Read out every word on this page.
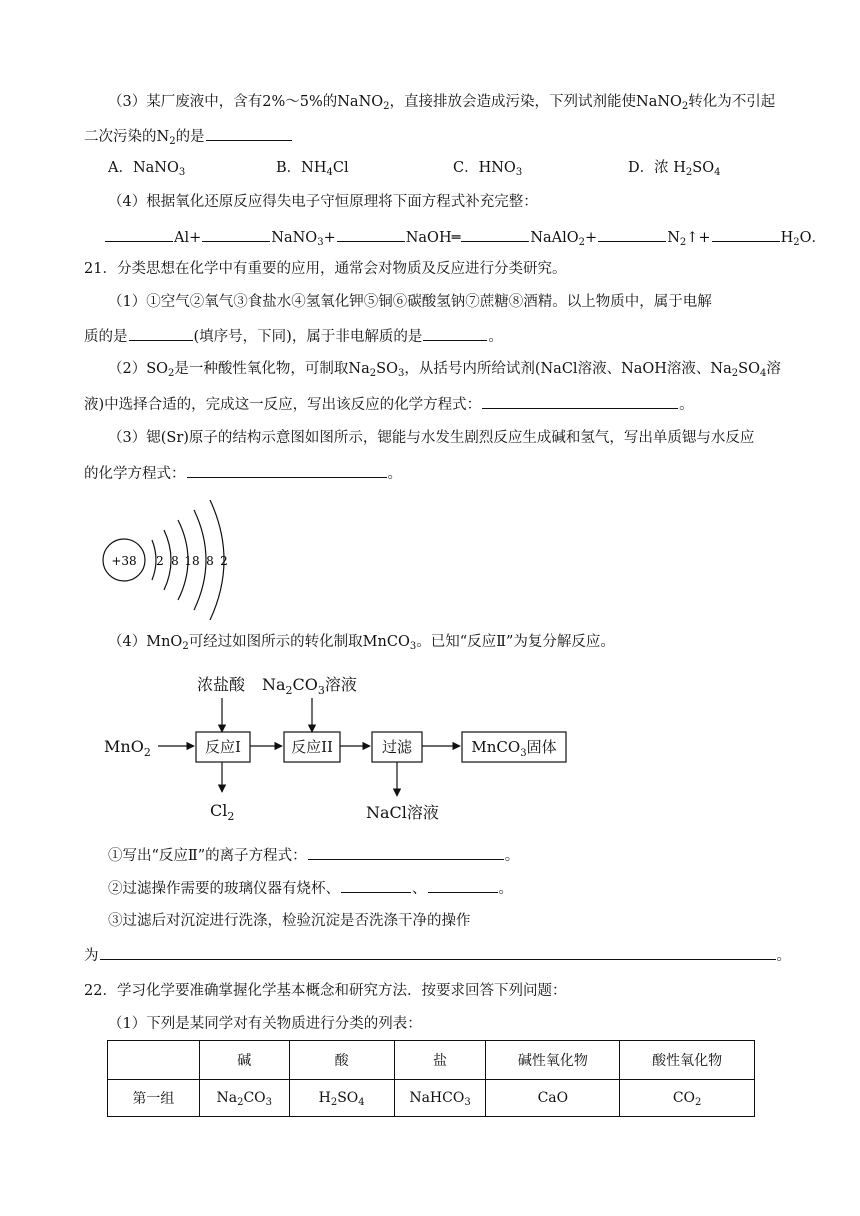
（3）某厂废液中，含有2%～5%的NaNO$_2$，直接排放会造成污染，下列试剂能使NaNO$_2$转化为不引起
二次污染的$N_2$的是
A．NaNO$_3$	B．$NH_4Cl$	C．$HNO_3$	D．浓 $H_2SO_4$
（4）根据氧化还原反应得失电子守恒原理将下面方程式补充完整：
Al+	NaNO$_3$+	NaOH═	NaAlO$_2$+	$N_2↑+$	$H_2O$．
21．分类思想在化学中有重要的应用，通常会对物质及反应进行分类研究。
（1）①空气②氧气③食盐水④氢氧化钾⑤铜⑥碳酸氢钠⑦蔗糖⑧酒精。以上物质中，属于电解
质的是	(填序号，下同)，属于非电解质的是	。
$(2)SO_2$是一种酸性氧化物，可制取$Na_2SO_3$，从括号内所给试剂(NaCl溶液、NaOH溶液、$Na_2SO_4$溶
液)中选择合适的，完成这一反应，写出该反应的化学方程式：	。
（3）锶(Sr)原子的结构示意图如图所示，锶能与水发生剧烈反应生成碱和氢气，写出单质锶与水反应
的化学方程式：	。
+38 2 8 18 8 2
（4）MnO$_2$可经过如图所示的转化制取MnCO$_3$。已知“反应Ⅱ”为复分解反应。
浓盐酸 $Na_2CO_3$溶液
MnO$_2$	反应I	反应II	过滤	MnCO$_3$固体
$Cl_2$	NaCl溶液
①写出“反应Ⅱ”的离子方程式：	。
②过滤操作需要的玻璃仪器有烧杯、	、	。
③过滤后对沉淀进行洗涤，检验沉淀是否洗涤干净的操作
为	。
22．学习化学要准确掌握化学基本概念和研究方法．按要求回答下列问题：
（1）下列是某同学对有关物质进行分类的列表：
	碱	酸	盐	碱性氧化物	酸性氧化物
第一组	$Na_2CO_3$	$H_2SO_4$	NaHCO$_3$	CaO	$CO_2$
